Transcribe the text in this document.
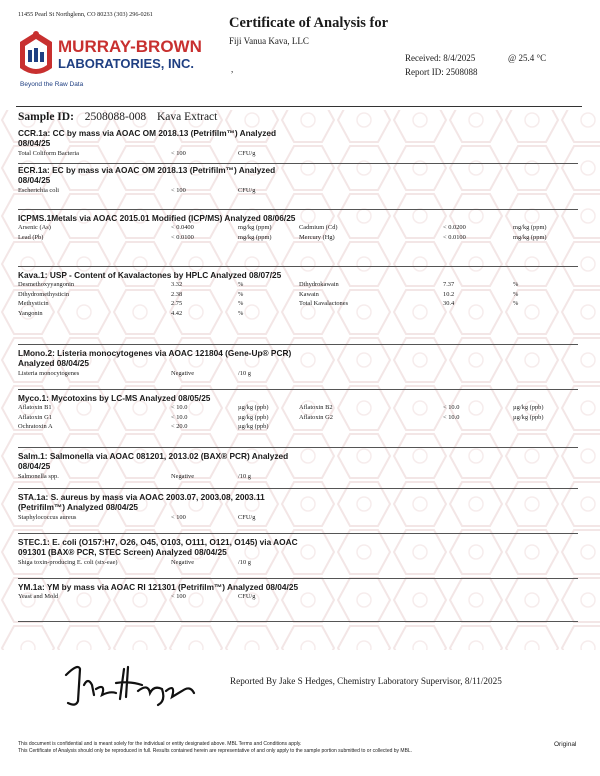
11455 Pearl St Northglenn, CO 80233 (303) 296-0261
MURRAY-BROWN
LABORATORIES, INC.
Beyond the Raw Data
Certificate of Analysis for
Fiji Vanua Kava, LLC
,
Received: 8/4/2025	@ 25.4 °C
Report ID: 2508088
Sample ID: 2508088-008 Kava Extract
CCR.1a: CC by mass via AOAC OM 2018.13 (Petrifilm™) Analyzed 08/04/25
Total Coliform Bacteria	< 100	CFU/g
ECR.1a: EC by mass via AOAC OM 2018.13 (Petrifilm™) Analyzed 08/04/25
Escherichia coli	< 100	CFU/g
ICPMS.1Metals via AOAC 2015.01 Modified (ICP/MS) Analyzed 08/06/25
Arsenic (As)	< 0.0400	mg/kg (ppm)	Cadmium (Cd)	< 0.0200	mg/kg (ppm)
Lead (Pb)	< 0.0100	mg/kg (ppm)	Mercury (Hg)	< 0.0100	mg/kg (ppm)
Kava.1: USP - Content of Kavalactones by HPLC Analyzed 08/07/25
Desmethoxyyangonin	3.32	%	Dihydrokawain	7.37	%
Dihydromethysticin	2.38	%	Kawain	10.2	%
Methysticin	2.75	%	Total Kavalactones	30.4	%
Yangonin	4.42	%
LMono.2: Listeria monocytogenes via AOAC 121804 (Gene-Up® PCR) Analyzed 08/04/25
Listeria monocytogenes	Negative	/10 g
Myco.1: Mycotoxins by LC-MS Analyzed 08/05/25
Aflatoxin B1	< 10.0	µg/kg (ppb)	Aflatoxin B2	< 10.0	µg/kg (ppb)
Aflatoxin G1	< 10.0	µg/kg (ppb)	Aflatoxin G2	< 10.0	µg/kg (ppb)
Ochratoxin A	< 20.0	µg/kg (ppb)
Salm.1: Salmonella via AOAC 081201, 2013.02 (BAX® PCR) Analyzed 08/04/25
Salmonella spp.	Negative	/10 g
STA.1a: S. aureus by mass via AOAC 2003.07, 2003.08, 2003.11 (Petrifilm™) Analyzed 08/04/25
Staphylococcus aureus	< 100	CFU/g
STEC.1: E. coli (O157:H7, O26, O45, O103, O111, O121, O145) via AOAC 091301 (BAX® PCR, STEC Screen) Analyzed 08/04/25
Shiga toxin-producing E. coli (stx-eae)	Negative	/10 g
YM.1a: YM by mass via AOAC RI 121301 (Petrifilm™) Analyzed 08/04/25
Yeast and Mold	< 100	CFU/g
Reported By Jake S Hedges, Chemistry Laboratory Supervisor, 8/11/2025
This document is confidential and is meant solely for the individual or entity designated above. MBL Terms and Conditions apply.
This Certificate of Analysis should only be reproduced in full. Results contained herein are representative of and only apply to the sample portion submitted to or collected by MBL.
Original
